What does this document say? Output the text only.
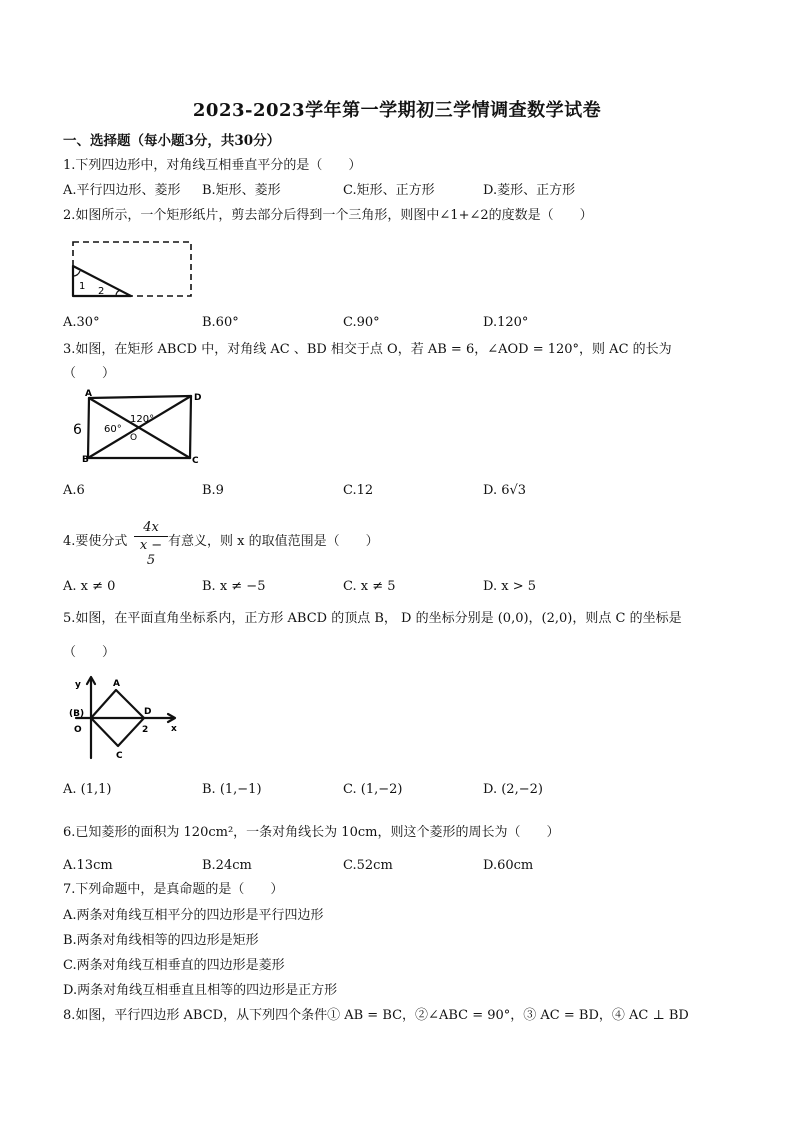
2023-2023学年第一学期初三学情调查数学试卷
一、选择题（每小题3分，共30分）
1.下列四边形中，对角线互相垂直平分的是（　　）
A.平行四边形、菱形 B.矩形、菱形	C.矩形、正方形	D.菱形、正方形
2.如图所示，一个矩形纸片，剪去部分后得到一个三角形，则图中∠1+∠2的度数是（　　）
1 2
A.30°	B.60°	C.90°	D.120°
3.如图，在矩形 ABCD 中，对角线 AC 、BD 相交于点 O，若 AB = 6，∠AOD = 120°，则 AC 的长为
（　　）
A	D
B	C
6
120°
60°
O
A.6	B.9	C.12	D. 6√3
4.要使分式 $\frac{4x}{x - 5}$ 有意义，则 x 的取值范围是（　　）
A. x ≠ 0	B. x ≠ −5	C. x ≠ 5	D. x > 5
5.如图，在平面直角坐标系内，正方形 ABCD 的顶点 B， D 的坐标分别是 (0,0)，(2,0)，则点 C 的坐标是
（　　）
y
x
A
(B)
O
D
2
C
A. (1,1)	B. (1,−1)	C. (1,−2)	D. (2,−2)
6.已知菱形的面积为 120cm²，一条对角线长为 10cm，则这个菱形的周长为（　　）
A.13cm	B.24cm	C.52cm	D.60cm
7.下列命题中，是真命题的是（　　）
A.两条对角线互相平分的四边形是平行四边形
B.两条对角线相等的四边形是矩形
C.两条对角线互相垂直的四边形是菱形
D.两条对角线互相垂直且相等的四边形是正方形
8.如图，平行四边形 ABCD，从下列四个条件① AB = BC，②∠ABC = 90°，③ AC = BD，④ AC ⊥ BD
